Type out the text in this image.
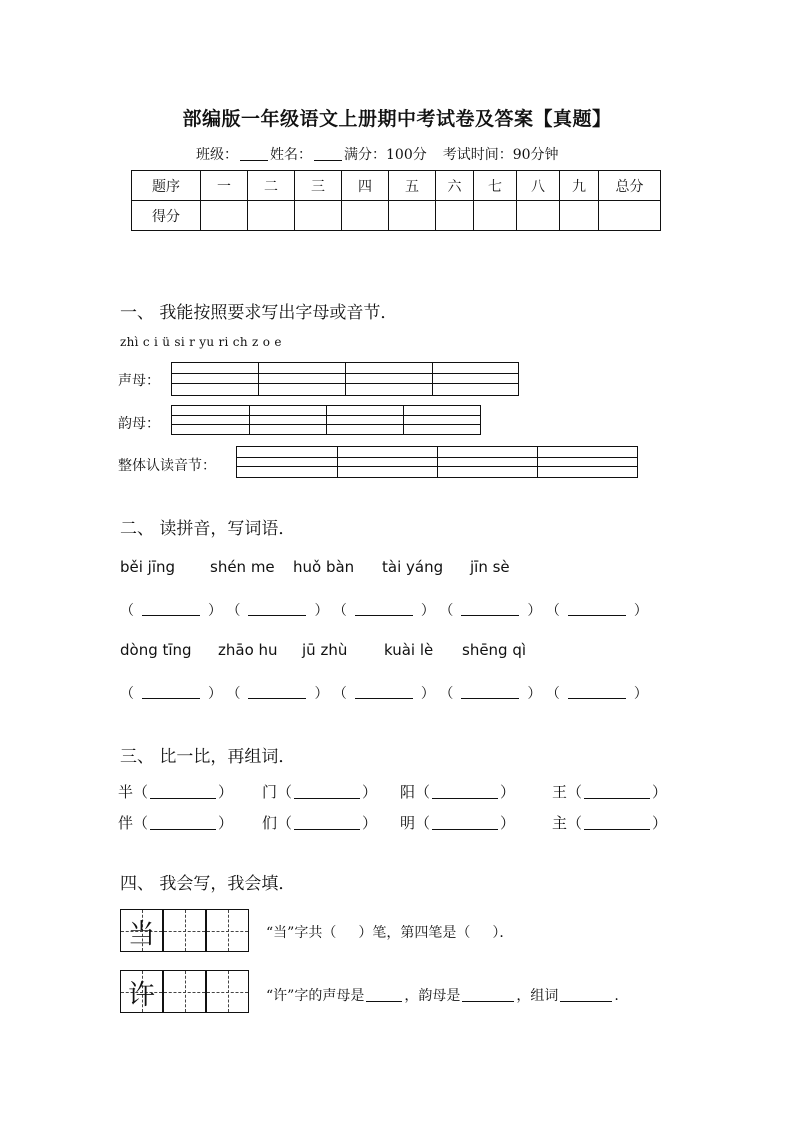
部编版一年级语文上册期中考试卷及答案【真题】
班级： 姓名： 满分：100分 考试时间：90分钟
题序	一	二	三	四	五	六	七	八	九	总分
得分										
一、 我能按照要求写出字母或音节．
zhì c i ü si r yu ri ch z o e
声母：
韵母：
整体认读音节：
二、 读拼音，写词语．
běi jīng shén me huǒ bàn tài yáng jīn sè
（	） （	） （	） （	） （	）
dòng tīng zhāo hu jū zhù kuài lè shēng qì
（	） （	） （	） （	） （	）
三、 比一比，再组词．
半（	） 门（	） 阳（	） 王（	）
伴（	） 们（	） 明（	） 主（	）
四、 我会写，我会填．
当	“当”字共（ ）笔，第四笔是（ ）．
许	“许”字的声母是	，韵母是	，组词	.
